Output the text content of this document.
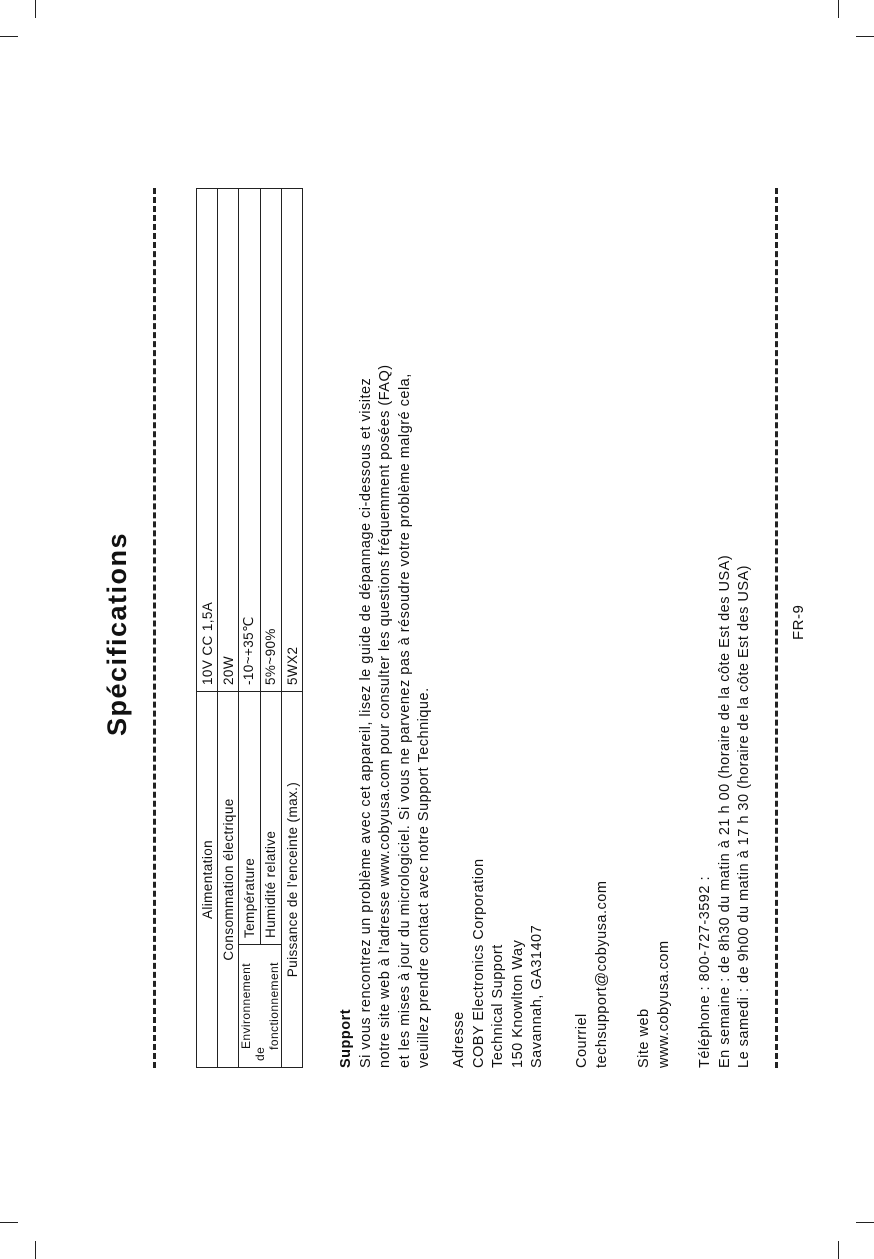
Spécifications
Alimentation		10V CC 1,5A
Consommation électrique		20W

Environnement
de
fonctionnement	Température	-10~+35℃
	Humidité relative	5%~90%
Puissance de l'enceinte (max.)		5WX2
Support Si vous rencontrez un problème avec cet appareil, lisez le guide de dépannage ci-dessous et visitez notre site web à l'adresse www.cobyusa.com pour consulter les questions fréquemment posées (FAQ) et les mises à jour du micrologiciel. Si vous ne parvenez pas à résoudre votre problème malgré cela, veuillez prendre contact avec notre Support Technique. Adresse COBY Electronics Corporation Technical Support 150 Knowlton Way Savannah, GA31407 Courriel techsupport@cobyusa.com Site web www.cobyusa.com Téléphone : 800-727-3592 : En semaine : de 8h30 du matin à 21 h 00 (horaire de la côte Est des USA) Le samedi : de 9h00 du matin à 17 h 30 (horaire de la côte Est des USA)	FR-9
